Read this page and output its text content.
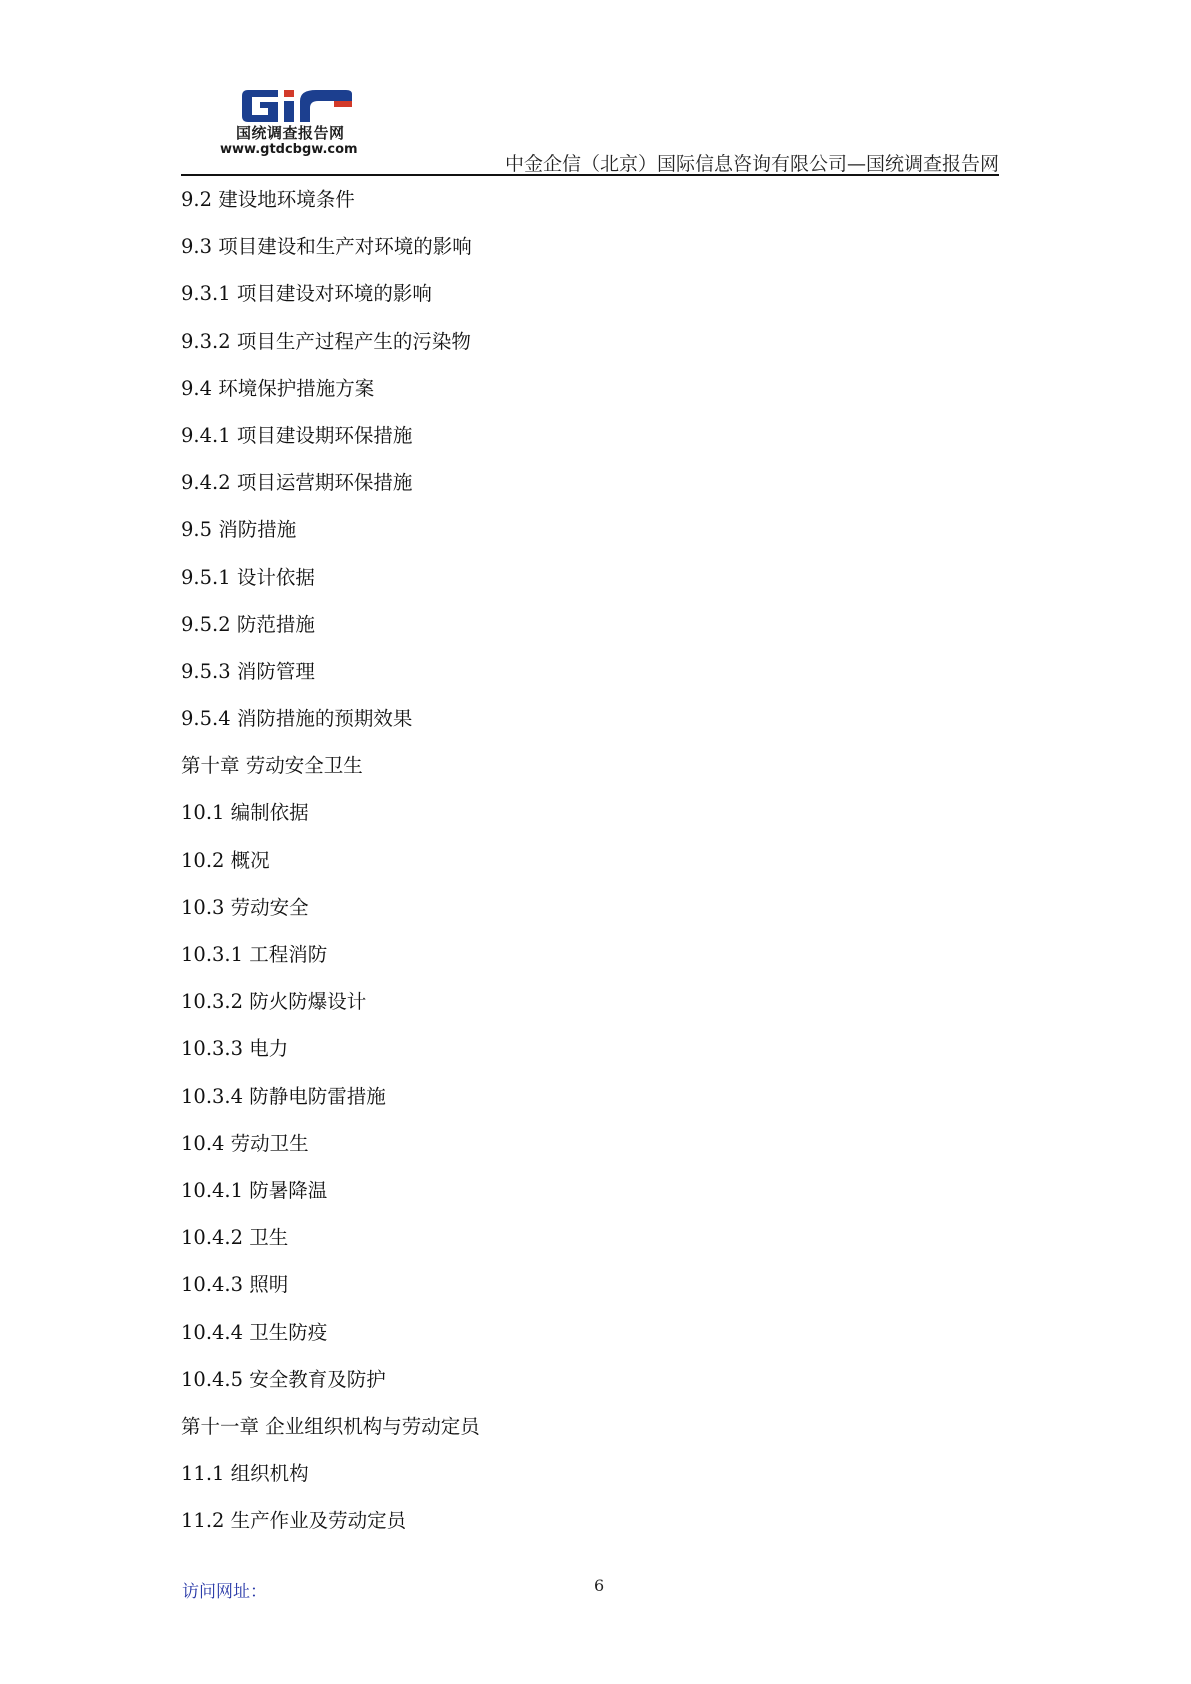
国统调查报告网
www.gtdcbgw.com
中金企信（北京）国际信息咨询有限公司—国统调查报告网
9.2 建设地环境条件
9.3 项目建设和生产对环境的影响
9.3.1 项目建设对环境的影响
9.3.2 项目生产过程产生的污染物
9.4 环境保护措施方案
9.4.1 项目建设期环保措施
9.4.2 项目运营期环保措施
9.5 消防措施
9.5.1 设计依据
9.5.2 防范措施
9.5.3 消防管理
9.5.4 消防措施的预期效果
第十章 劳动安全卫生
10.1 编制依据
10.2 概况
10.3 劳动安全
10.3.1 工程消防
10.3.2 防火防爆设计
10.3.3 电力
10.3.4 防静电防雷措施
10.4 劳动卫生
10.4.1 防暑降温
10.4.2 卫生
10.4.3 照明
10.4.4 卫生防疫
10.4.5 安全教育及防护
第十一章 企业组织机构与劳动定员
11.1 组织机构
11.2 生产作业及劳动定员
访问网址：	6
